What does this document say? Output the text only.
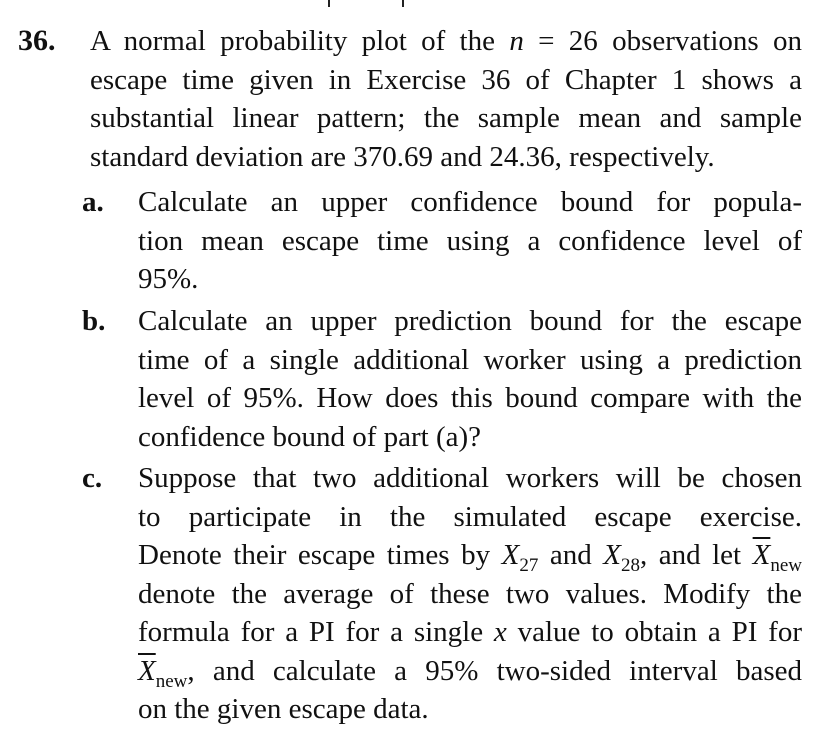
36. A normal probability plot of the n = 26 observations on
escape time given in Exercise 36 of Chapter 1 shows a
substantial linear pattern; the sample mean and sample
standard deviation are 370.69 and 24.36, respectively.
a. Calculate an upper confidence bound for popula-
tion mean escape time using a confidence level of
95%.
b. Calculate an upper prediction bound for the escape
time of a single additional worker using a prediction
level of 95%. How does this bound compare with the
confidence bound of part (a)?
c. Suppose that two additional workers will be chosen
to participate in the simulated escape exercise.
Denote their escape times by $X_{27}$ and $X_{28}$, and let $\overline{X}_{new}$
denote the average of these two values. Modify the
formula for a PI for a single x value to obtain a PI for
$\overline{X}_{new}$, and calculate a 95% two-sided interval based
on the given escape data.
